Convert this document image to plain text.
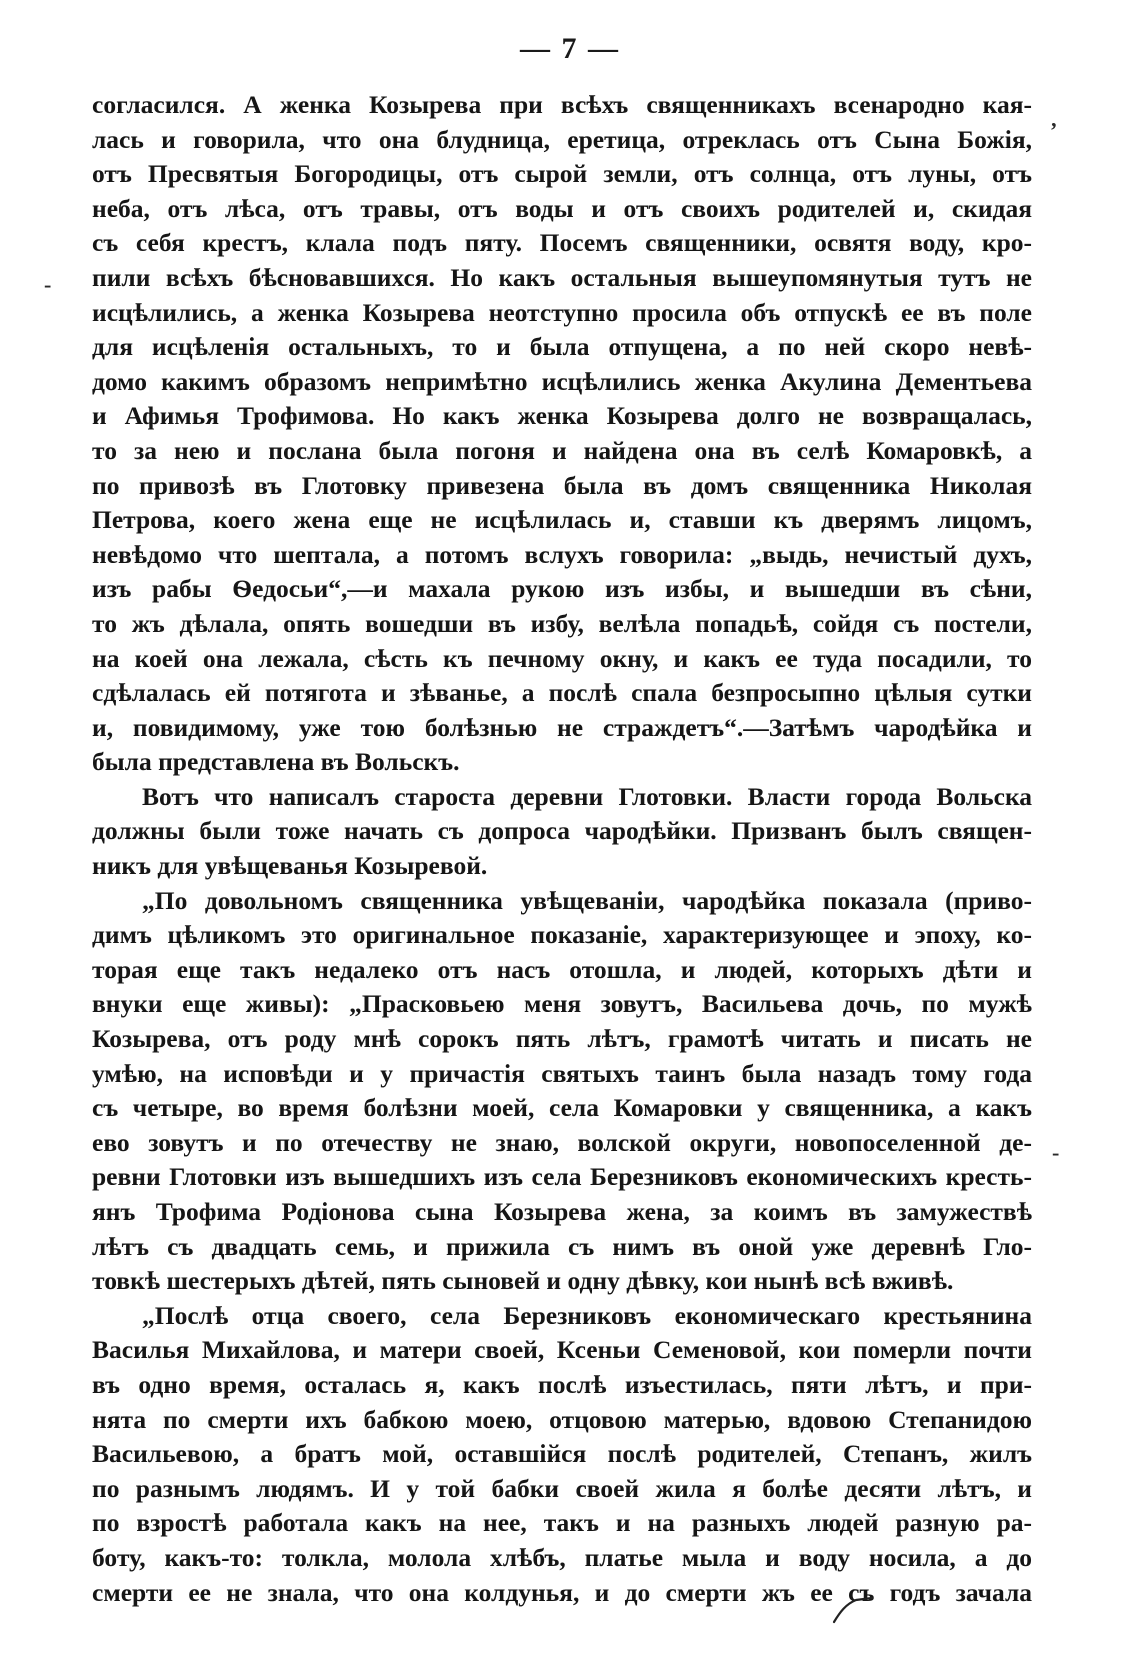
— 7 —
согласился. А женка Козырева при всѣхъ священникахъ всенародно кая-
лась и говорила, что она блудница, еретица, отреклась отъ Сына Божія,
отъ Пресвятыя Богородицы, отъ сырой земли, отъ солнца, отъ луны, отъ
неба, отъ лѣса, отъ травы, отъ воды и отъ своихъ родителей и, скидая
съ себя крестъ, клала подъ пяту. Посемъ священники, освятя воду, кро-
пили всѣхъ бѣсновавшихся. Но какъ остальныя вышеупомянутыя тутъ не
исцѣлились, а женка Козырева неотступно просила объ отпускѣ ее въ поле
для исцѣленія остальныхъ, то и была отпущена, а по ней скоро невѣ-
домо какимъ образомъ непримѣтно исцѣлились женка Акулина Дементьева
и Афимья Трофимова. Но какъ женка Козырева долго не возвращалась,
то за нею и послана была погоня и найдена она въ селѣ Комаровкѣ, а
по привозѣ въ Глотовку привезена была въ домъ священника Николая
Петрова, коего жена еще не исцѣлилась и, ставши къ дверямъ лицомъ,
невѣдомо что шептала, а потомъ вслухъ говорила: „выдь, нечистый духъ,
изъ рабы Ѳедосьи“,—и махала рукою изъ избы, и вышедши въ сѣни,
то жъ дѣлала, опять вошедши въ избу, велѣла попадьѣ, сойдя съ постели,
на коей она лежала, сѣсть къ печному окну, и какъ ее туда посадили, то
сдѣлалась ей потягота и зѣванье, а послѣ спала безпросыпно цѣлыя сутки
и, повидимому, уже тою болѣзнью не страждетъ“.—Затѣмъ чародѣйка и
была представлена въ Вольскъ.
Вотъ что написалъ староста деревни Глотовки. Власти города Вольска
должны были тоже начать съ допроса чародѣйки. Призванъ былъ священ-
никъ для увѣщеванья Козыревой.
„По довольномъ священника увѣщеваніи, чародѣйка показала (приво-
димъ цѣликомъ это оригинальное показаніе, характеризующее и эпоху, ко-
торая еще такъ недалеко отъ насъ отошла, и людей, которыхъ дѣти и
внуки еще живы): „Прасковьею меня зовутъ, Васильева дочь, по мужѣ
Козырева, отъ роду мнѣ сорокъ пять лѣтъ, грамотѣ читать и писать не
умѣю, на исповѣди и у причастія святыхъ таинъ была назадъ тому года
съ четыре, во время болѣзни моей, села Комаровки у священника, а какъ
ево зовутъ и по отечеству не знаю, волской округи, новопоселенной де-
ревни Глотовки изъ вышедшихъ изъ села Березниковъ економическихъ кресть-
янъ Трофима Родіонова сына Козырева жена, за коимъ въ замужествѣ
лѣтъ съ двадцать семь, и прижила съ нимъ въ оной уже деревнѣ Гло-
товкѣ шестерыхъ дѣтей, пять сыновей и одну дѣвку, кои нынѣ всѣ вживѣ.
„Послѣ отца своего, села Березниковъ економическаго крестьянина
Василья Михайлова, и матери своей, Ксеньи Семеновой, кои померли почти
въ одно время, осталась я, какъ послѣ изъестилась, пяти лѣтъ, и при-
нята по смерти ихъ бабкою моею, отцовою матерью, вдовою Степанидою
Васильевою, а братъ мой, оставшійся послѣ родителей, Степанъ, жилъ
по разнымъ людямъ. И у той бабки своей жила я болѣе десяти лѣтъ, и
по взростѣ работала какъ на нее, такъ и на разныхъ людей разную ра-
боту, какъ-то: толкла, молола хлѣбъ, платье мыла и воду носила, а до
смерти ее не знала, что она колдунья, и до смерти жъ ее съ годъ зачала
ʼ
-
-
